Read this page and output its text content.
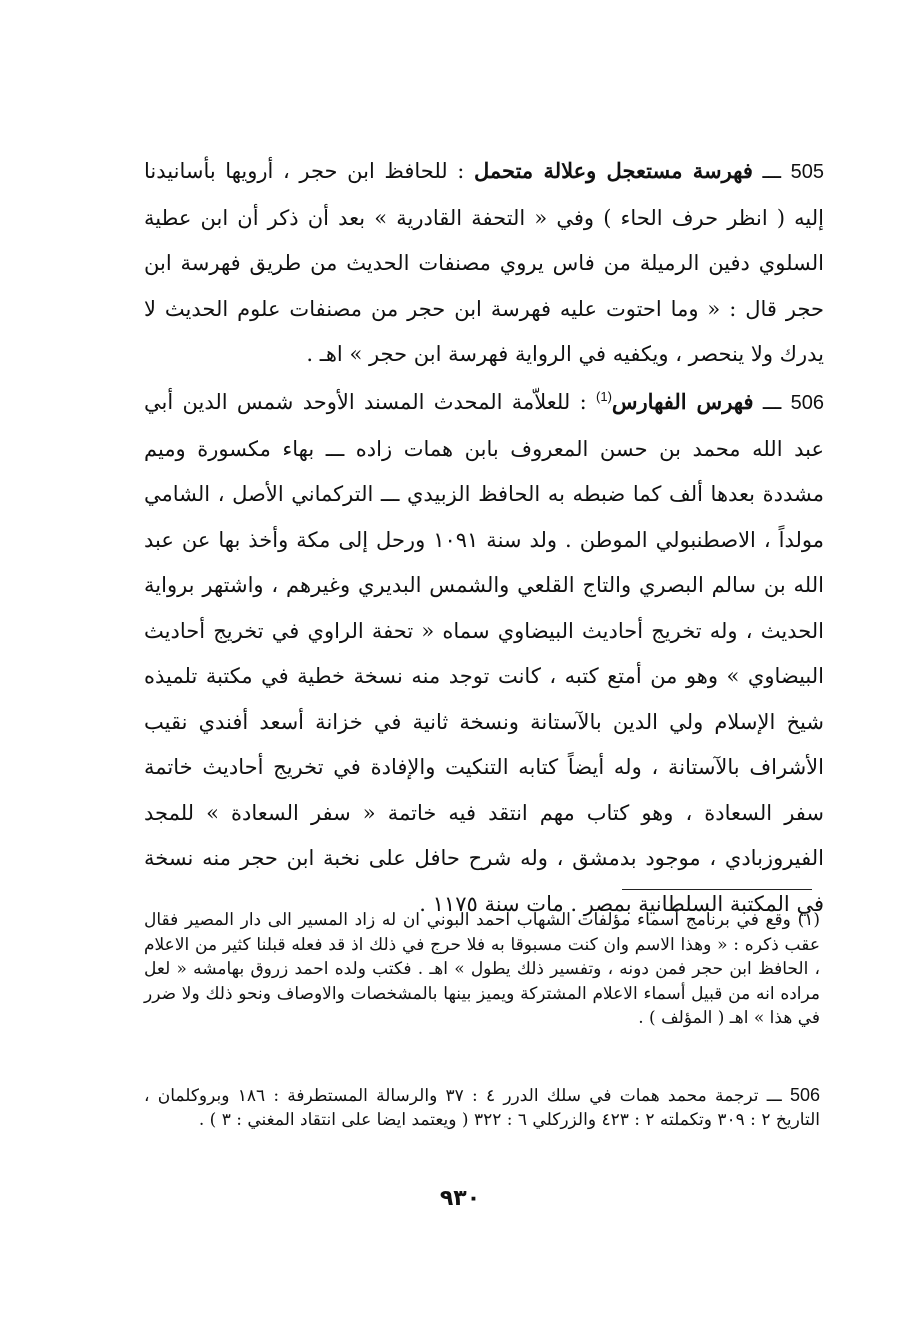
505 ـــ فهرسة مستعجل وعلالة متحمل : للحافظ ابن حجر ، أرويها بأسانيدنا إليه ( انظر حرف الحاء ) وفي « التحفة القادرية » بعد أن ذكر أن ابن عطية السلوي دفين الرميلة من فاس يروي مصنفات الحديث من طريق فهرسة ابن حجر قال : « وما احتوت عليه فهرسة ابن حجر من مصنفات علوم الحديث لا يدرك ولا ينحصر ، ويكفيه في الرواية فهرسة ابن حجر » اهـ .
506 ـــ فهرس الفهارس$^{(1)}$ : للعلاّمة المحدث المسند الأوحد شمس الدين أبي عبد الله محمد بن حسن المعروف بابن همات زاده ـــ بهاء مكسورة وميم مشددة بعدها ألف كما ضبطه به الحافظ الزبيدي ـــ التركماني الأصل ، الشامي مولداً ، الاصطنبولي الموطن . ولد سنة ١٠٩١ ورحل إلى مكة وأخذ بها عن عبد الله بن سالم البصري والتاج القلعي والشمس البديري وغيرهم ، واشتهر برواية الحديث ، وله تخريج أحاديث البيضاوي سماه « تحفة الراوي في تخريج أحاديث البيضاوي » وهو من أمتع كتبه ، كانت توجد منه نسخة خطية في مكتبة تلميذه شيخ الإسلام ولي الدين بالآستانة ونسخة ثانية في خزانة أسعد أفندي نقيب الأشراف بالآستانة ، وله أيضاً كتابه التنكيت والإفادة في تخريج أحاديث خاتمة سفر السعادة ، وهو كتاب مهم انتقد فيه خاتمة « سفر السعادة » للمجد الفيروزبادي ، موجود بدمشق ، وله شرح حافل على نخبة ابن حجر منه نسخة في المكتبة السلطانية بمصر . مات سنة ١١٧٥ .
(١) وقع في برنامج أسماء مؤلفات الشهاب احمد البوني ان له زاد المسير الى دار المصير فقال عقب ذكره : « وهذا الاسم وان كنت مسبوقا به فلا حرج في ذلك اذ قد فعله قبلنا كثير من الاعلام ، الحافظ ابن حجر فمن دونه ، وتفسير ذلك يطول » اهـ . فكتب ولده احمد زروق بهامشه « لعل مراده انه من قبيل أسماء الاعلام المشتركة ويميز بينها بالمشخصات والاوصاف ونحو ذلك ولا ضرر في هذا » اهـ ( المؤلف ) .
506 ـــ ترجمة محمد همات في سلك الدرر ٤ : ٣٧ والرسالة المستطرفة : ١٨٦ وبروكلمان ، التاريخ ٢ : ٣٠٩ وتكملته ٢ : ٤٢٣ والزركلي ٦ : ٣٢٢ ( ويعتمد ايضا على انتقاد المغني : ٣ ) .
٩٣٠
